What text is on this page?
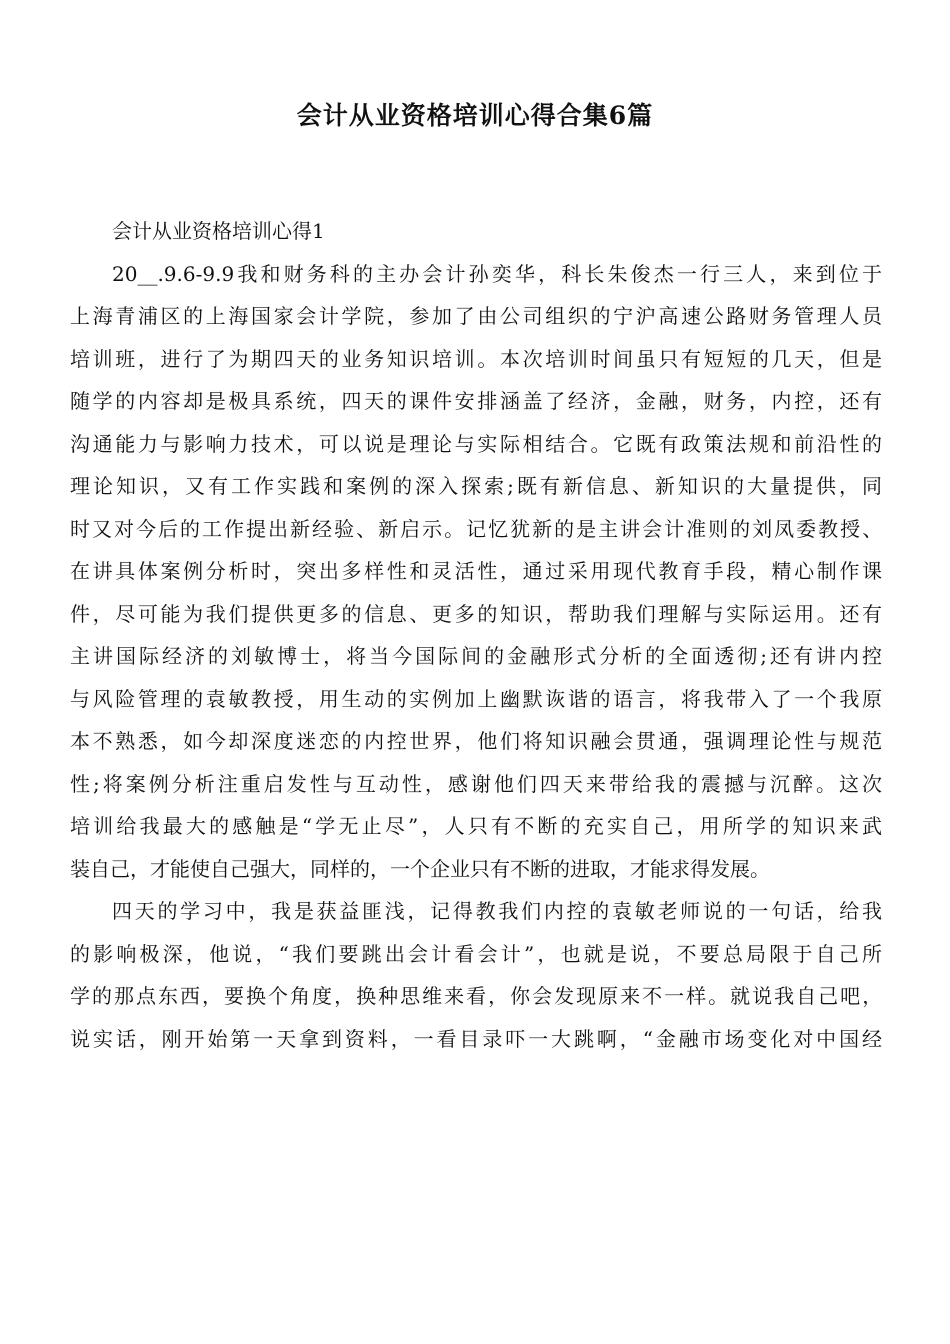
会计从业资格培训心得合集6篇
会计从业资格培训心得1
20__.9.6-9.9我和财务科的主办会计孙奕华，科长朱俊杰一行三人，来到位于
上海青浦区的上海国家会计学院，参加了由公司组织的宁沪高速公路财务管理人员
培训班，进行了为期四天的业务知识培训。本次培训时间虽只有短短的几天，但是
随学的内容却是极具系统，四天的课件安排涵盖了经济，金融，财务，内控，还有
沟通能力与影响力技术，可以说是理论与实际相结合。它既有政策法规和前沿性的
理论知识，又有工作实践和案例的深入探索;既有新信息、新知识的大量提供，同
时又对今后的工作提出新经验、新启示。记忆犹新的是主讲会计准则的刘凤委教授、
在讲具体案例分析时，突出多样性和灵活性，通过采用现代教育手段，精心制作课
件，尽可能为我们提供更多的信息、更多的知识，帮助我们理解与实际运用。还有
主讲国际经济的刘敏博士，将当今国际间的金融形式分析的全面透彻;还有讲内控
与风险管理的袁敏教授，用生动的实例加上幽默诙谐的语言，将我带入了一个我原
本不熟悉，如今却深度迷恋的内控世界，他们将知识融会贯通，强调理论性与规范
性;将案例分析注重启发性与互动性，感谢他们四天来带给我的震撼与沉醉。这次
培训给我最大的感触是“学无止尽”，人只有不断的充实自己，用所学的知识来武
装自己，才能使自己强大，同样的，一个企业只有不断的进取，才能求得发展。
四天的学习中，我是获益匪浅，记得教我们内控的袁敏老师说的一句话，给我
的影响极深，他说，“我们要跳出会计看会计”，也就是说，不要总局限于自己所
学的那点东西，要换个角度，换种思维来看，你会发现原来不一样。就说我自己吧，
说实话，刚开始第一天拿到资料，一看目录吓一大跳啊，“金融市场变化对中国经
